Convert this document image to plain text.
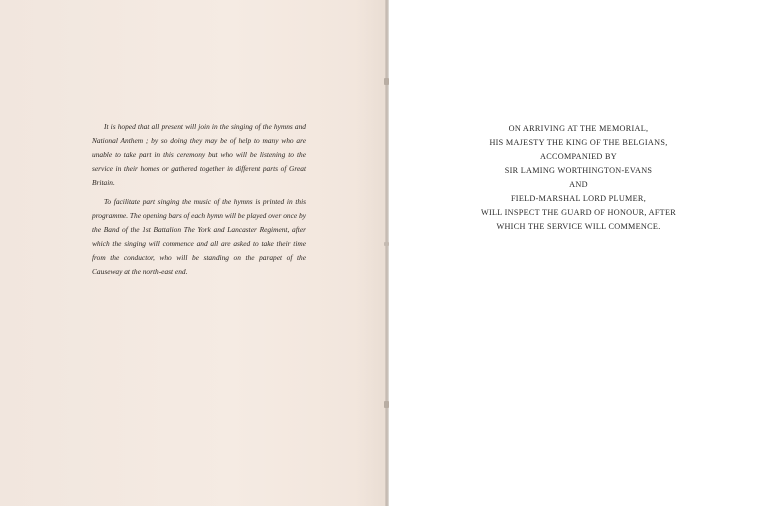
It is hoped that all present will join in the singing of the hymns and National Anthem ; by so doing they may be of help to many who are unable to take part in this ceremony but who will be listening to the service in their homes or gathered together in different parts of Great Britain.

To facilitate part singing the music of the hymns is printed in this programme. The opening bars of each hymn will be played over once by the Band of the 1st Battalion The York and Lancaster Regiment, after which the singing will commence and all are asked to take their time from the conductor, who will be standing on the parapet of the Causeway at the north-east end.

ON ARRIVING AT THE MEMORIAL,
HIS MAJESTY THE KING OF THE BELGIANS,
ACCOMPANIED BY
SIR LAMING WORTHINGTON-EVANS
AND
FIELD-MARSHAL LORD PLUMER,
WILL INSPECT THE GUARD OF HONOUR, AFTER
WHICH THE SERVICE WILL COMMENCE.
